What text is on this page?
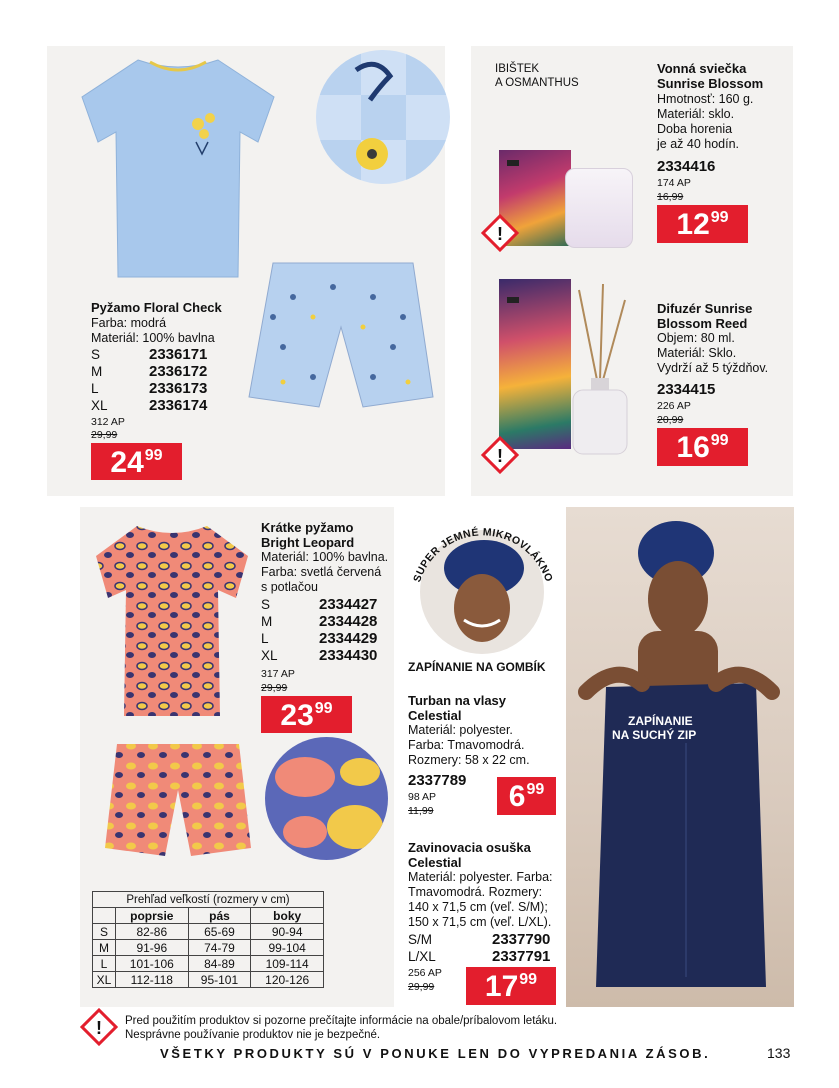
Pyžamo Floral Check
Farba: modrá
Materiál: 100% bavlna
S	2336171
M	2336172
L	2336173
XL	2336174
312 AP
29,99
24 99
IBIŠTEK
A OSMANTHUS
!
Vonná sviečka
Sunrise Blossom
Hmotnosť: 160 g.
Materiál: sklo.
Doba horenia
je až 40 hodín.
2334416
174 AP
16,99
12 99
!
Difuzér Sunrise
Blossom Reed
Objem: 80 ml.
Materiál: Sklo.
Vydrží až 5 týždňov.
2334415
226 AP
20,99
16 99
Krátke pyžamo
Bright Leopard
Materiál: 100% bavlna.
Farba: svetlá červená
s potlačou
S	2334427
M	2334428
L	2334429
XL	2334430
317 AP
29,99
23 99
Prehľad veľkostí (rozmery v cm)			
	poprsie	pás	boky
S	82-86	65-69	90-94
M	91-96	74-79	99-104
L	101-106	84-89	109-114
XL	112-118	95-101	120-126
SUPER JEMNÉ MIKROVLÁKNO
ZAPÍNANIE NA GOMBÍK
Turban na vlasy
Celestial
Materiál: polyester.
Farba: Tmavomodrá.
Rozmery: 58 x 22 cm.
2337789
98 AP
11,99	6 99
Zavinovacia osuška
Celestial
Materiál: polyester. Farba:
Tmavomodrá. Rozmery:
140 x 71,5 cm (veľ. S/M);
150 x 71,5 cm (veľ. L/XL).
S/M	2337790
L/XL	2337791
256 AP
29,99 17 99
ZAPÍNANIE
NA SUCHÝ ZIP
! Pred použitím produktov si pozorne prečítajte informácie na obale/príbalovom letáku.
Nesprávne používanie produktov nie je bezpečné.
VŠETKY PRODUKTY SÚ V PONUKE LEN DO VYPREDANIA ZÁSOB.	133
